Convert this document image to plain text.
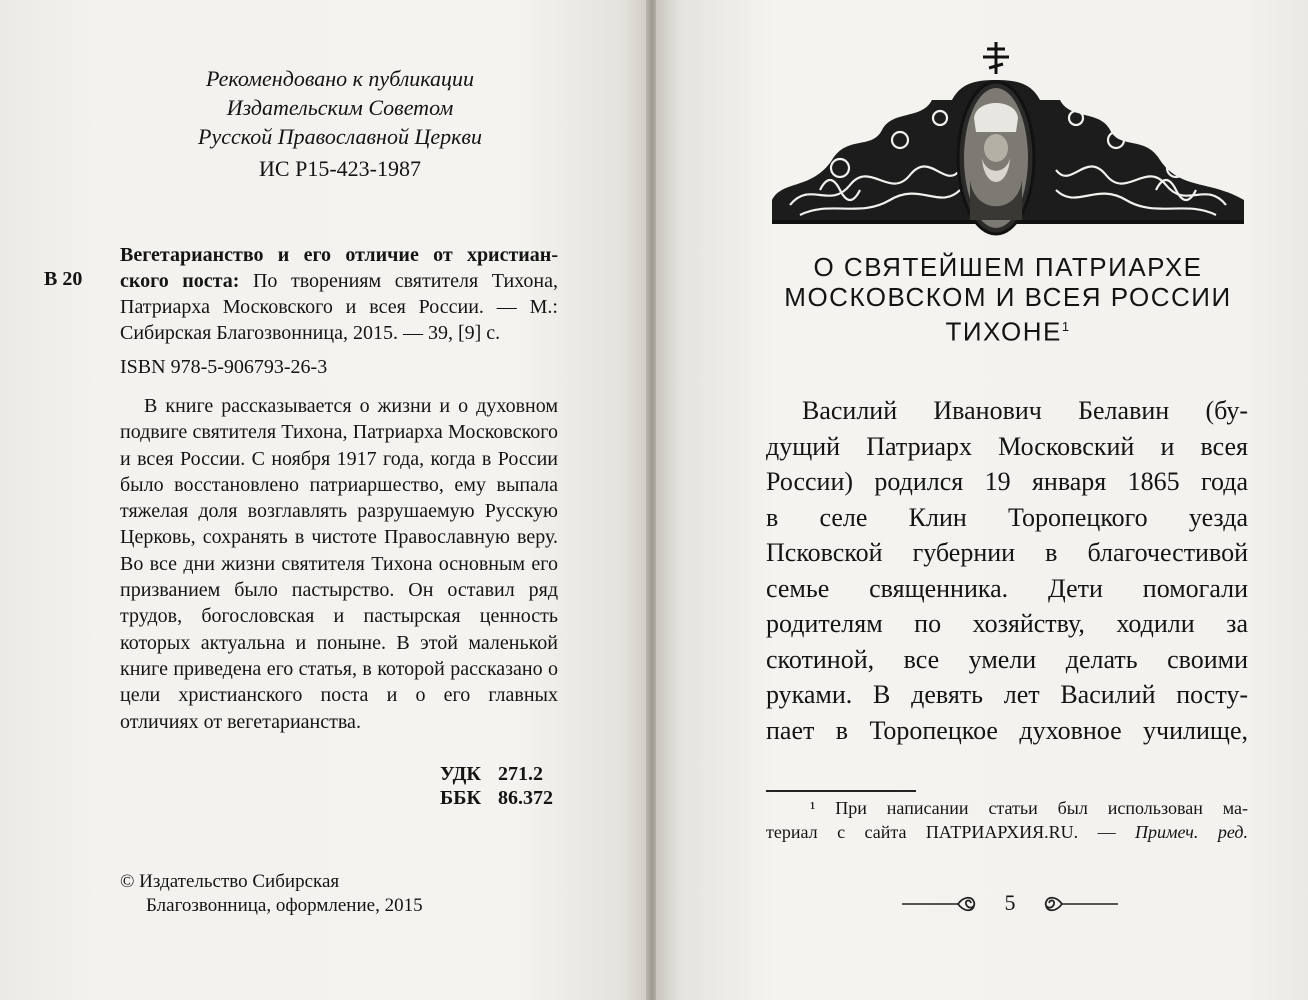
Рекомендовано к публикации
Издательским Советом
Русской Православной Церкви
ИС Р15-423-1987
В 20
Вегетарианство и его отличие от христиан-ского поста: По творениям святителя Тихона, Патриарха Московского и всея России. — М.: Сибирская Благозвонница, 2015. — 39, [9] с.
ISBN 978-5-906793-26-3

В книге рассказывается о жизни и о духовном подвиге святителя Тихона, Патриарха Московского и всея России. С ноября 1917 года, когда в России было восстановлено патриаршество, ему выпала тяжелая доля возглавлять разрушаемую Русскую Церковь, сохранять в чистоте Православную веру. Во все дни жизни святителя Тихона основным его призванием было пастырство. Он оставил ряд трудов, богословская и пастырская ценность которых актуальна и поныне. В этой маленькой книге приведена его статья, в которой рассказано о цели христианского поста и о его главных отличиях от вегетарианства.

УДК 271.2
ББК 86.372
© Издательство Сибирская
Благозвонница, оформление, 2015
О СВЯТЕЙШЕМ ПАТРИАРХЕ
МОСКОВСКОМ И ВСЕЯ РОССИИ
ТИХОНЕ$^1$
Василий Иванович Белавин (бу-
дущий Патриарх Московский и всея
России) родился 19 января 1865 года
в селе Клин Торопецкого уезда
Псковской губернии в благочестивой
семье священника. Дети помогали
родителям по хозяйству, ходили за
скотиной, все умели делать своими
руками. В девять лет Василий посту-
пает в Торопецкое духовное училище,
¹ При написании статьи был использован ма-
териал с сайта ПАТРИАРХИЯ.RU. — Примеч. ред.
5
